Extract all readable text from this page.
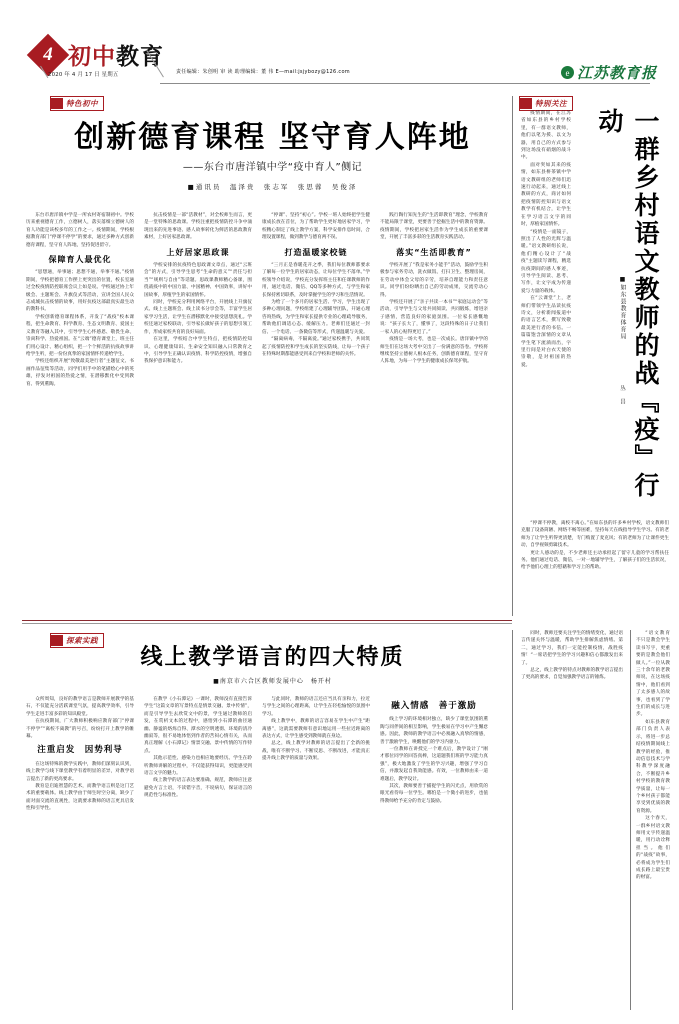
4 初中教育
2020 年 4 月 17 日 星期五	责任编辑：朱创明 审 读 助理编辑：董 伟 E—mail:jsjybozy@126.com	e 江苏教育报
特色初中	特别关注
探索实践
创新德育课程 坚守育人阵地
——东台市唐洋镇中学“疫中育人”侧记
■通讯员　温泽贵　张志军　张思蓉　吴俊泽

东台市唐洋镇中学是一所农村寄宿制初中。学校历来重视德育工作，立德树人，落实落细立德树人的育人功能是该校多年的工作之一。疫情期间，学校根据教育部门“停课不停学”的要求，通过多种方式创新德育课程，坚守育人阵地，坚持促进留守。

保障育人最优化

“思想通，举事通；思想不通，举事不通。”疫情期间，学校把德育工作摆上更突出的位置，校长室通过全校疫情防控联席会议上如是说。学校通过协上年级会、主题班会、升旗仪式等活动，宣讲全国人民众志成城抗击疫情的故事，用好抗疫这部最真实最生动的教科书。

学校创新德育课程体系，开发了“战疫”校本课程，把生命教育、科学教育、生态文明教育、爱国主义教育等融入其中，引导学生心怀感恩、敬畏生命、崇尚科学、热爱祖国。在“云端”德育课堂上，班主任们用心设计、精心组织，把一个个鲜活的抗疫故事讲给学生听，把一份份真挚的家国情怀传递给学生。

学校还组织开展“致敬最美逆行者”主题征文、书画作品征集等活动，同学们用手中的笔描绘心中的英雄，抒发对祖国的热爱之情，在潜移默化中受到教育、得到熏陶。

抗击疫情是一部“活教材”，对全校师生而言，更是一堂特殊的思政课。学校注重把疫情防控斗争中涌现出来的先进事迹、感人故事转化为鲜活的思政教育素材，上好居家思政课。

上好居家思政课

学校安排的抗疫特色思政课文章点，通过“云班会”的方式，引导学生思考“生命的意义”“责任与担当”“规则与自由”等话题。思政课教师精心备课，围绕战疫中的中国力量、中国精神、中国效率，讲好中国故事，厚植学生的家国情怀。

同时，学校充分利用网络平台，开展线上升旗仪式、线上主题班会、线上读书分享会等，丰富学生居家学习生活，让学生在潜移默化中接受思想洗礼。学校还通过家校联动，引导家长做好孩子的思想引领工作，形成家校共育的良好局面。

在这里，学校结合中学生特点，把疫情防控知识、心理健康知识、生命安全知识融入日常教育之中，引导学生正确认识疫情、科学防控疫情，增强自我保护意识和能力。

“停课”、坚持“初心”。学校一班人始终把学生健康成长放在首位，为了帮助学生更好地居家学习，学校精心制定了线上教学方案，科学安排作息时间，合理设置课程，做到教学与德育两不误。

打造温暖家校链

“三月正是春暖花开之季，我们每位教师都要求了解每一位学生的居家动态，让每位学生不落单。”学校领导介绍说，学校充分发挥班主任和任课教师的作用，通过电话、微信、QQ等多种方式，与学生和家长保持密切联系，及时掌握学生的学习和生活情况。

为给了一个多月的居家生活、学习，学生出现了多种心理问题，学校组建了心理辅导团队，开通心理咨询热线，为学生和家长提供专业的心理疏导服务，帮助他们调适心态、缓解压力。老师们还通过一封信、一个电话、一条微信等形式，传递温暖与关爱。

“隔离病毒，不隔离爱。”通过家校携手，共同筑起了疫情防控和学生成长的坚实防线，让每一个孩子在特殊时期都能感受到来自学校和老师的关怀。

践行陶行知先生的“生活即教育”理念，学校教育不能局限于课堂，更要善于挖掘生活中的教育资源。疫情期间，学校把居家生活作为学生成长的重要课堂，开展了丰富多彩的生活教育实践活动。

落实“生活即教育”

学校开展了“我是家务小能手”活动，鼓励学生积极参与家务劳动，洗衣做饭、打扫卫生、整理房间，在劳动中体会父母的辛劳，培养自理能力和责任意识。同学们纷纷晒出自己的劳动成果，交流劳动心得。

学校还开展了“亲子共读一本书”“家庭运动会”等活动，引导学生与父母共同阅读、共同锻炼，增进亲子感情，营造良好的家庭氛围。一位家长感慨地说：“孩子长大了，懂事了，这段特殊的日子让我们一家人的心贴得更近了。”

疫情是一场大考，也是一次成长。唐洋镇中学的师生们在这场大考中交出了一份满意的答卷。学校将继续坚持立德树人根本任务，创新德育课程，坚守育人阵地，为每一个学生的健康成长保驾护航。	一群乡村语文教师的战『疫』行动
■如东县教育体育局
丛 昌

疫情期间，在江苏省如东县的乡村学校里，有一群语文教师，他们以笔为援、以文为器，用自己的方式参与到这场没有硝烟的战斗中。

面对突如其来的疫情，如东县栟茶镇中学语文教研组的老师们迅速行动起来，通过线上教研的方式，商讨如何把疫情防控知识与语文教学有机结合，让学生在学习语言文字的同时，厚植家国情怀。

“疫情是一面镜子，照出了人性的光辉与温暖。”语文教研组长说，他们精心设计了“战疫”主题读写课程，精选抗疫期间的感人事迹，引导学生阅读、思考、写作，让文字成为传递爱与力量的载体。

在“云课堂”上，老师们带领学生品读抗疫诗文，分析新闻报道中的语言艺术，撰写致敬最美逆行者的书信。一篇篇饱含深情的文章从学生笔下流淌而出，字里行间是对白衣天使的崇敬，是对祖国的热爱。

“停课不停教，离校不离心。”在如东县的许多乡村学校，语文教师们克服了设备简陋、网络不畅等困难，坚持每天在线指导学生学习。有的老师为了让学生听得更清楚，专门购置了麦克风；有的老师为了让课件更生动，自学视频剪辑技术。

更让人感动的是，不少老师还主动承担起了留守儿童的学习帮扶任务。他们通过电话、微信，一对一地辅导学生，了解孩子们的生活状况，给予他们心理上的慰藉和学习上的帮助。

“语文教育不只是教会学生读书写字，更重要的是教会他们做人。”一位从教三十余年的老教师说，在这场疫情中，他们看到了太多感人的故事，也看到了学生们的成长与进步。

如东县教育部门负责人表示，将进一步总结疫情期间线上教学的经验，推动信息技术与学科教学深度融合，不断提升乡村学校的教育教学质量，让每一个乡村孩子都能享受到优质的教育资源。

这个春天，一群乡村语文教师用文字传递温暖，用行动诠释担当。他们的“战疫”故事，必将成为学生们成长路上最宝贵的财富。

线上教学语言的四大特质
■南京市六合区教师发展中心　杨开村

众所周知，良好的教学语言是教师开展教学的基石，不仅能充分活跃课堂气氛，提高教学效率，引导学生走进丰富多彩的知识殿堂。

在抗疫期间，广大教师积极响应教育部门“停课不停学”“离校不离教”的号召，纷纷打开上教学的帷幕。

注重启发　因势利导

在这场特殊的教学实践中，教师们深刻认识到，线上教学与线下课堂教学有着明显的差异，对教学语言提出了新的更高要求。

教育是启迪智慧的艺术，而教学语言则是这门艺术的重要载体。线上教学由于师生时空分离，缺少了面对面交流的直观性，这就要求教师的语言更具启发性和引导性。

在教学《小石潭记》一课时，教师没有直接告诉学生“这篇文章的写景特点是情景交融、景中传情”，而是引导学生去欣赏文中的景，学生通过教师的启发，在赏析文本的过程中，感悟到小石潭的曲径通幽、静谧的烙烁自得、潭水的空明透彻、环境的清冷幽寂等，很不易地体悟到作者的苦闷心情有关，从而真正理解《小石潭记》情景交融、景中传情的写作特点。

其他示范性、感染力也相应地要经历。学生在聆听教师讲解的过程中，不仅能获得知识，更能感受到语言文字的魅力。

线上教学的语言表达要准确、规范，教师应注意避免方言土语，不读错字音，不说病句，保证语言的规范性与标准性。

与此同时，教师的语言还应当具有亲和力，拉近与学生之间的心理距离，让学生在轻松愉悦的氛围中学习。

线上教学中，教师的语言容易在学生中产生“距离感”，这就需要教师有意识地运用一些拉近距离的表达方式，让学生感受到教师就在身边。

总之，线上教学对教师的语言提出了全新的挑战，唯有不断学习、不断反思、不断改进，才能真正提升线上教学的质量与效果。

融入情感　善于激励

线上学习的环境相对独立，缺少了课堂氛围的熏陶与同伴间的相互影响，学生极易在学习中产生懈怠感。因此，教师的教学语言中必须融入真挚的情感，善于激励学生，唤醒他们的学习内驱力。

一位教师在讲授完一个难点后，教学设计了“刚才那位同学的回答真棒，这道题我们班的学习能力真强”，极大地激发了学生的学习兴趣，增强了学习自信，并激发起自我效能感。有效，一位教师由来一道难题后，教学设计。

其次，教师要善于捕捉学生的闪光点，用欣赏的眼光看待每一位学生。哪怕是一个微小的进步，也值得教师给予充分的肯定与鼓励。

同时，教师还要关注学生的情绪变化，通过语言传递关怀与温暖，帮助学生排解焦虑情绪。第二，通过学习，我们一定能控制疫情，战胜疫情！“一席话把学生的学习兴趣和信心都激发出来了。

总之，线上教学的特点对教师的教学语言提出了更高的要求，自觉加强教学语言的锤炼。
